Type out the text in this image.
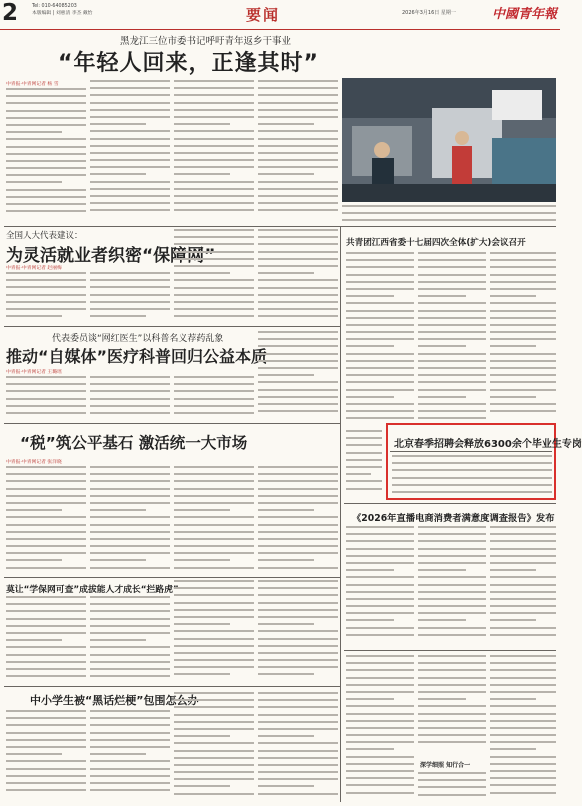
2	Tel: 010-64085203
本版编辑 | 刘惠清 李杰 戴怡	要闻	2026年3月16日 星期一	中國青年報
黑龙江三位市委书记呼吁青年返乡干事业
“年轻人回来，正逢其时”
中青报·中青网记者 杨 雪
全国人大代表建议：
为灵活就业者织密“保障网”
中青报·中青网记者 赵丽梅
共青团江西省委十七届四次全体(扩大)会议召开
代表委员谈“网红医生”以科普名义荐药乱象
推动“自媒体”医疗科普回归公益本质
中青报·中青网记者 王璐瑶
“税”筑公平基石 激活统一大市场
中青报·中青网记者 张洋晓
北京春季招聘会释放6300余个毕业生专岗
《2026年直播电商消费者满意度调查报告》发布
莫让“学保网可查”成拔能人才成长“拦路虎”
中小学生被“黑话烂梗”包围怎么办
深学细照 知行合一
